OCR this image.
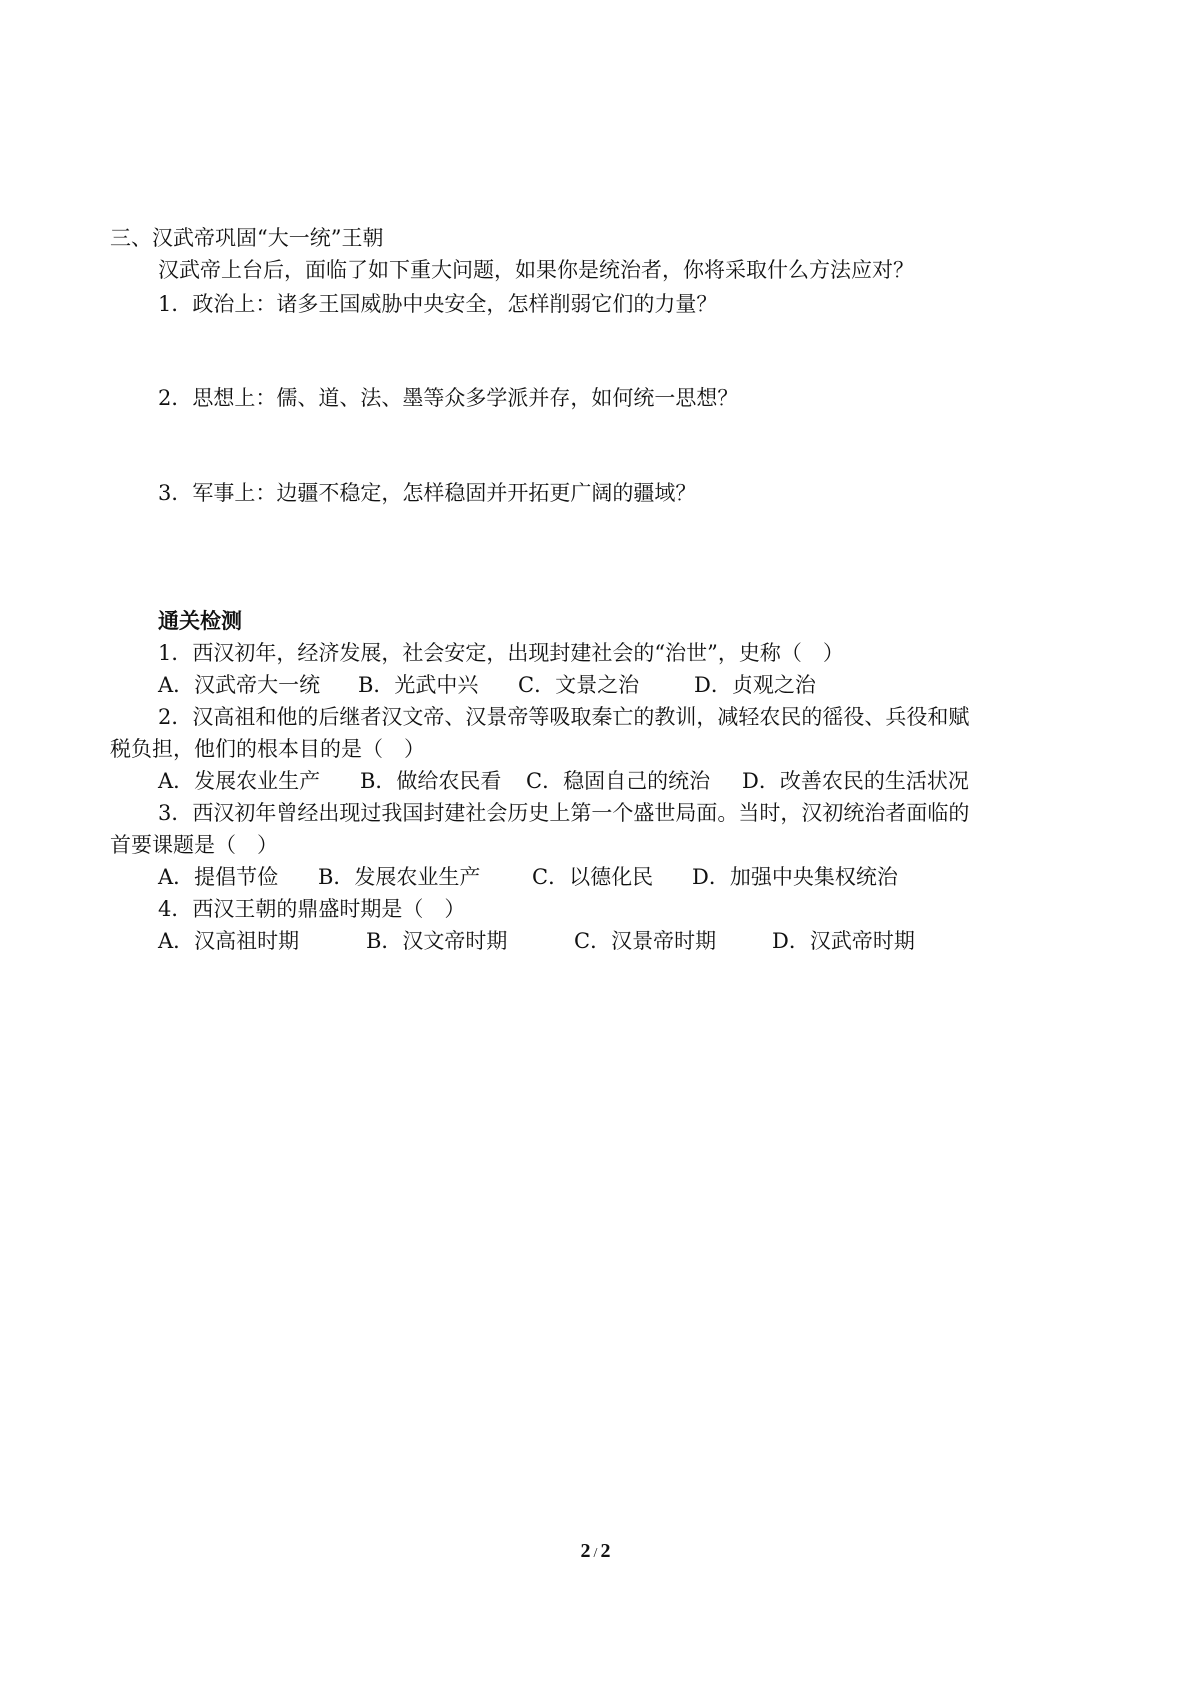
三、汉武帝巩固“大一统”王朝
汉武帝上台后，面临了如下重大问题，如果你是统治者，你将采取什么方法应对？
1．政治上：诸多王国威胁中央安全，怎样削弱它们的力量？
2．思想上：儒、道、法、墨等众多学派并存，如何统一思想？
3．军事上：边疆不稳定，怎样稳固并开拓更广阔的疆域？
通关检测
1．西汉初年，经济发展，社会安定，出现封建社会的“治世”，史称（　）
A．汉武帝大一统 B．光武中兴 C．文景之治	D．贞观之治
2．汉高祖和他的后继者汉文帝、汉景帝等吸取秦亡的教训，减轻农民的徭役、兵役和赋
税负担，他们的根本目的是（　）
A．发展农业生产 B．做给农民看 C．稳固自己的统治 D．改善农民的生活状况
3．西汉初年曾经出现过我国封建社会历史上第一个盛世局面。当时，汉初统治者面临的
首要课题是（　）
A．提倡节俭 B．发展农业生产 C．以德化民 D．加强中央集权统治
4．西汉王朝的鼎盛时期是（　）
A．汉高祖时期	B．汉文帝时期	C．汉景帝时期	D．汉武帝时期
2 / 2
